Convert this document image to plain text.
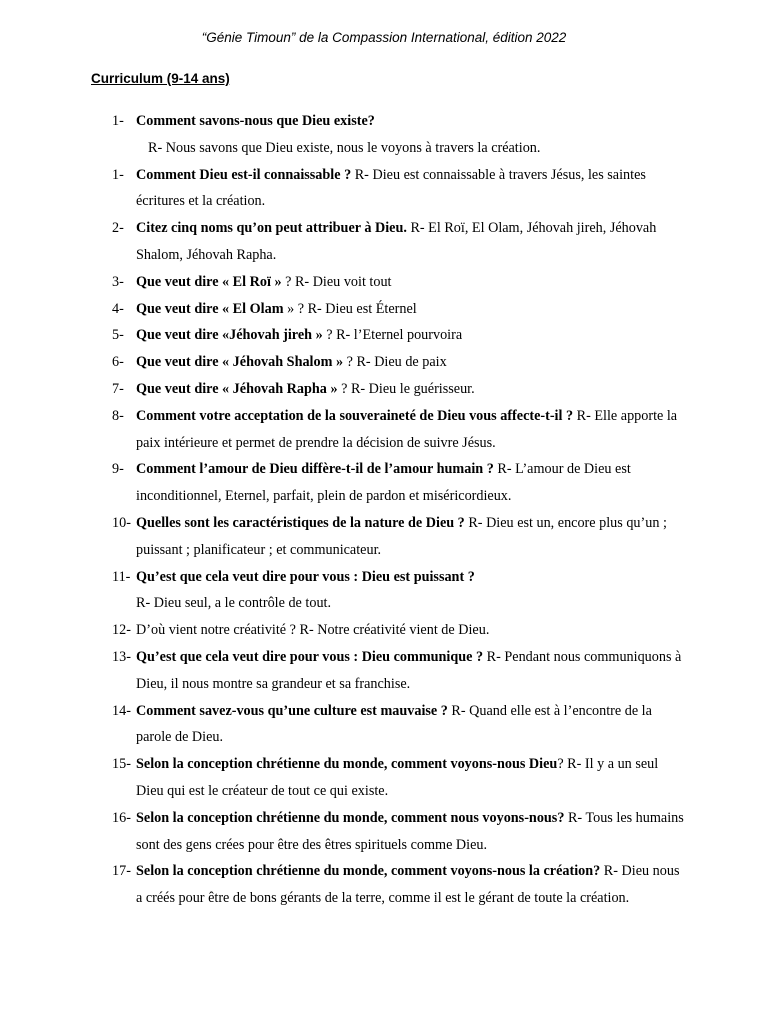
“Génie Timoun” de la Compassion International, édition 2022
Curriculum (9-14 ans)
1- Comment savons-nous que Dieu existe?
R- Nous savons que Dieu existe, nous le voyons à travers la création.
1- Comment Dieu est-il connaissable ? R- Dieu est connaissable à travers Jésus, les saintes écritures et la création.
2- Citez cinq noms qu’on peut attribuer à Dieu. R- El Roï, El Olam, Jéhovah jireh, Jéhovah Shalom, Jéhovah Rapha.
3- Que veut dire « El Roï » ? R- Dieu voit tout
4- Que veut dire « El Olam » ? R- Dieu est Éternel
5- Que veut dire «Jéhovah jireh » ? R- l’Eternel pourvoira
6- Que veut dire « Jéhovah Shalom » ? R- Dieu de paix
7- Que veut dire « Jéhovah Rapha » ? R- Dieu le guérisseur.
8- Comment votre acceptation de la souveraineté de Dieu vous affecte-t-il ? R- Elle apporte la paix intérieure et permet de prendre la décision de suivre Jésus.
9- Comment l’amour de Dieu diffère-t-il de l’amour humain ? R- L’amour de Dieu est inconditionnel, Eternel, parfait, plein de pardon et miséricordieux.
10- Quelles sont les caractéristiques de la nature de Dieu ? R- Dieu est un, encore plus qu’un ; puissant ; planificateur ; et communicateur.
11- Qu’est que cela veut dire pour vous : Dieu est puissant ?
R- Dieu seul, a le contrôle de tout.
12- D’où vient notre créativité ? R- Notre créativité vient de Dieu.
13- Qu’est que cela veut dire pour vous : Dieu communique ? R- Pendant nous communiquons à Dieu, il nous montre sa grandeur et sa franchise.
14- Comment savez-vous qu’une culture est mauvaise ? R- Quand elle est à l’encontre de la parole de Dieu.
15- Selon la conception chrétienne du monde, comment voyons-nous Dieu? R- Il y a un seul Dieu qui est le créateur de tout ce qui existe.
16- Selon la conception chrétienne du monde, comment nous voyons-nous? R- Tous les humains sont des gens crées pour être des êtres spirituels comme Dieu.
17- Selon la conception chrétienne du monde, comment voyons-nous la création? R- Dieu nous a créés pour être de bons gérants de la terre, comme il est le gérant de toute la création.
